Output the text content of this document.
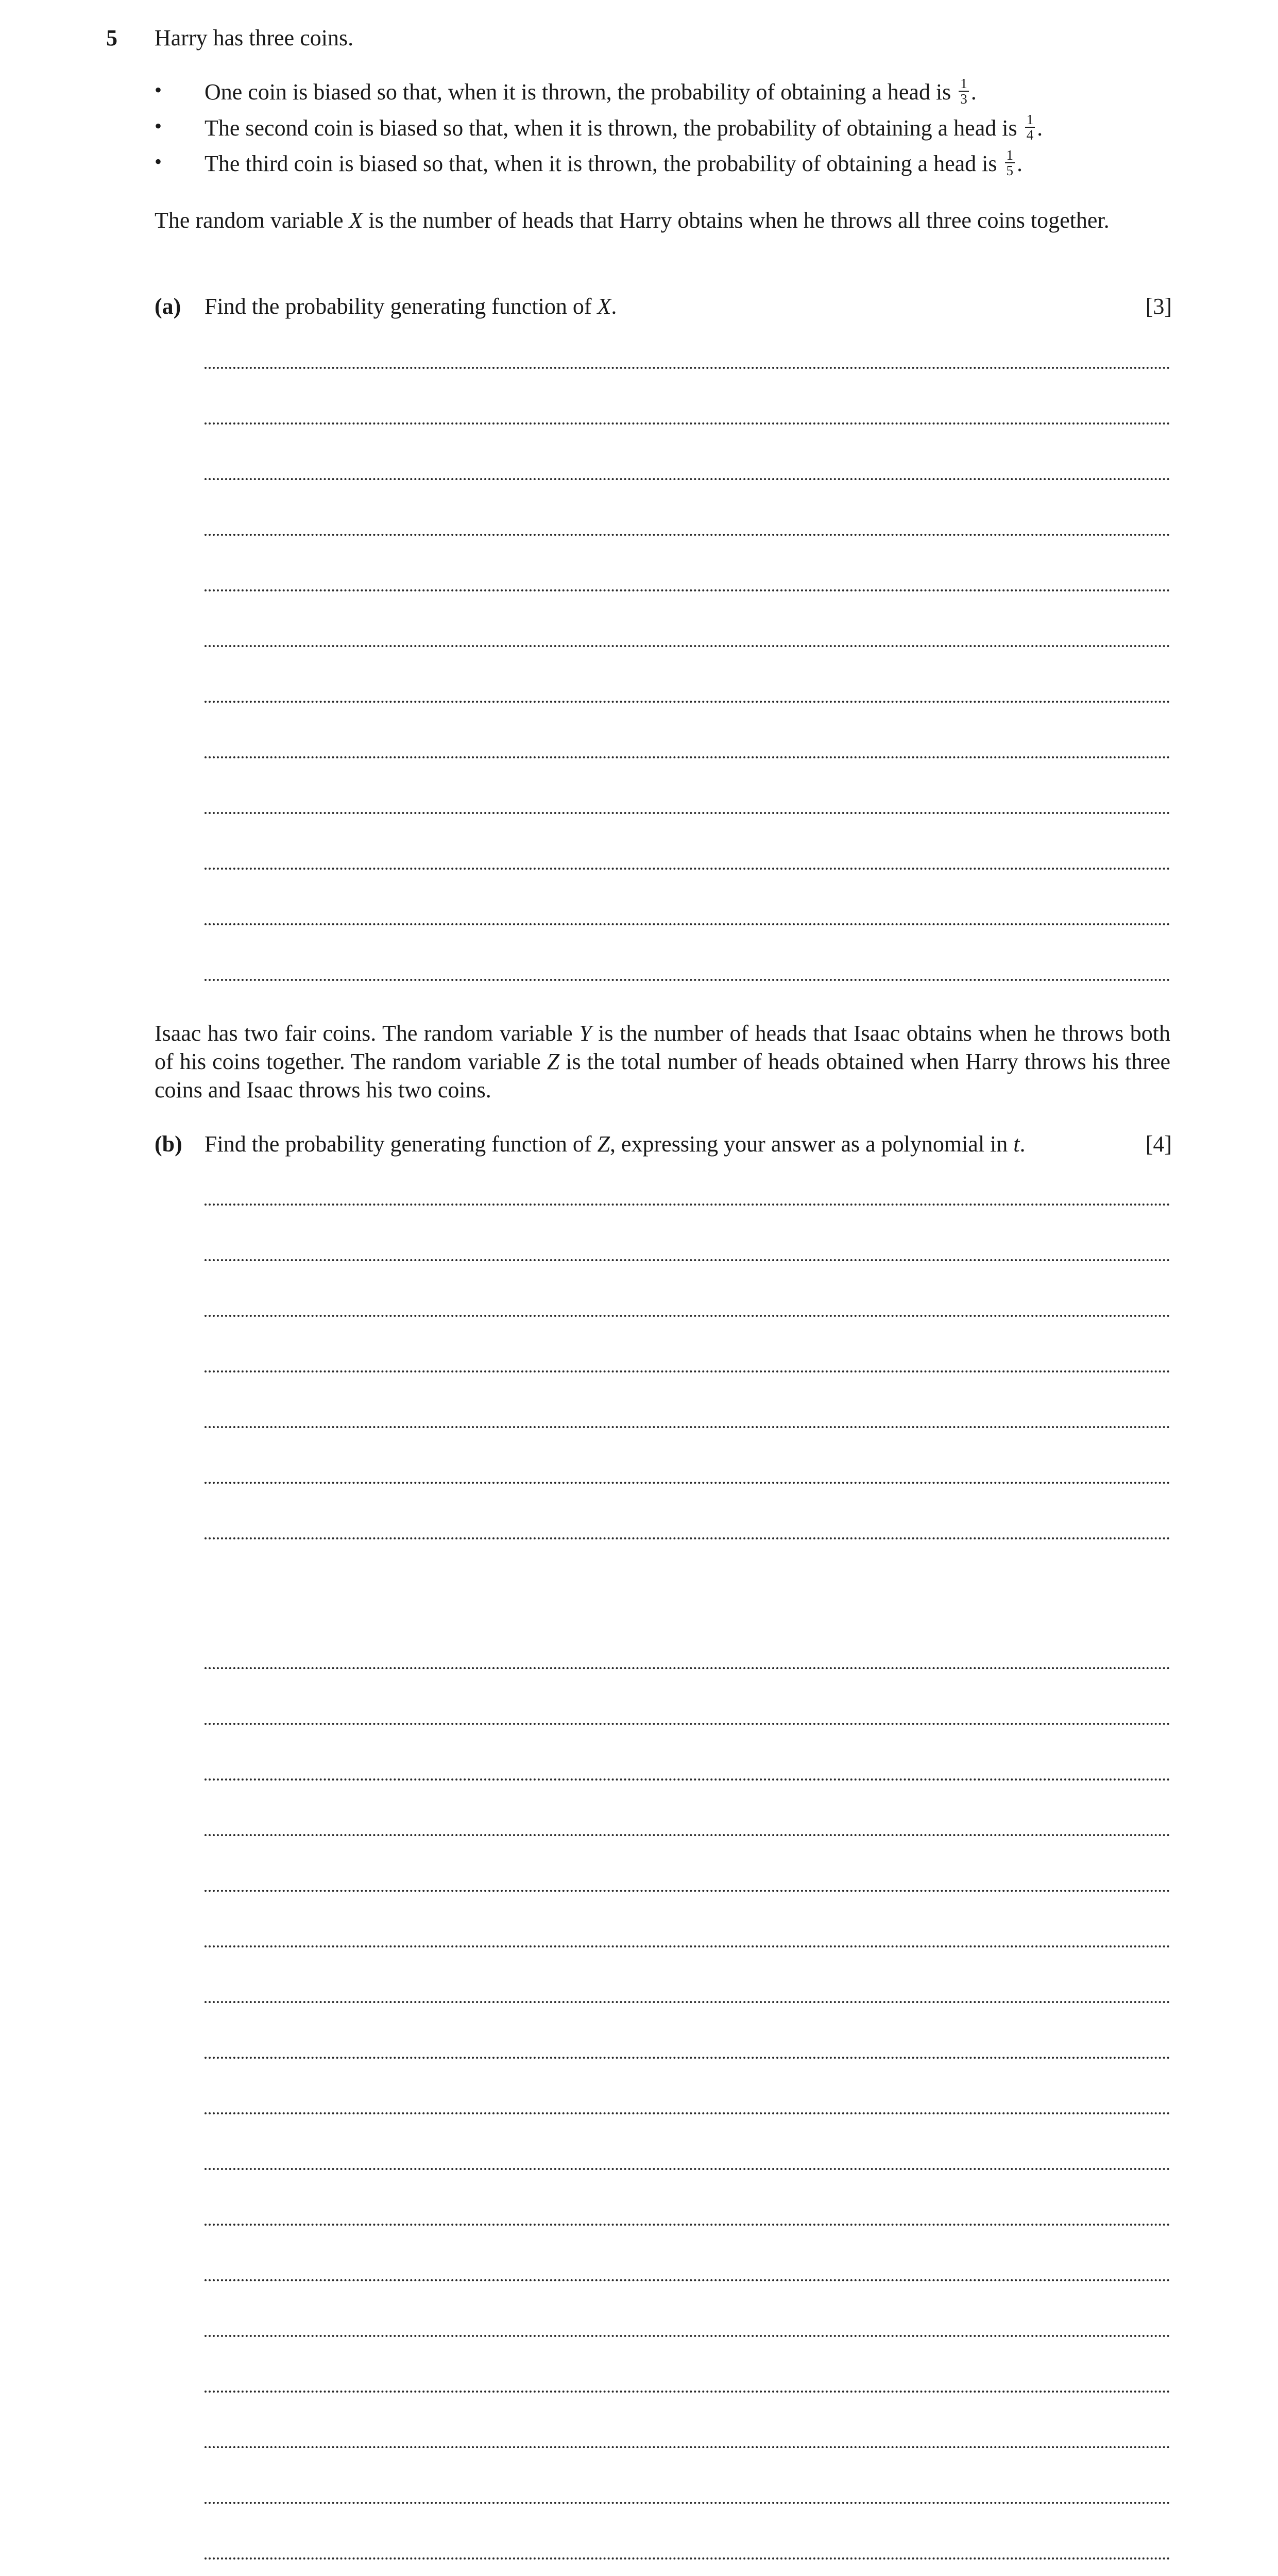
5 Harry has three coins.
• One coin is biased so that, when it is thrown, the probability of obtaining a head is $\frac{1}{3}$ .
• The second coin is biased so that, when it is thrown, the probability of obtaining a head is $\frac{1}{4}$ .
• The third coin is biased so that, when it is thrown, the probability of obtaining a head is $\frac{1}{5}$ .
The random variable X is the number of heads that Harry obtains when he throws all three coins together.
(a) Find the probability generating function of X.	[3]
Isaac has two fair coins. The random variable Y is the number of heads that Isaac obtains when he throws both of his coins together. The random variable Z is the total number of heads obtained when Harry throws his three coins and Isaac throws his two coins.
(b) Find the probability generating function of Z, expressing your answer as a polynomial in t.	[4]
